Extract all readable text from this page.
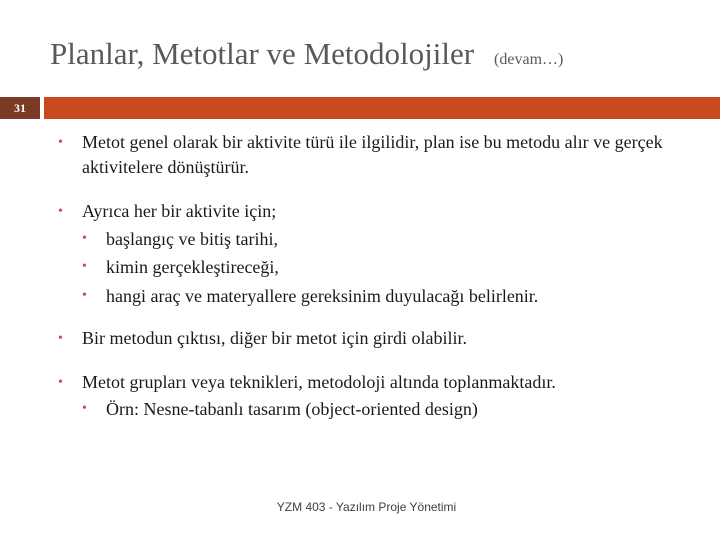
Planlar, Metotlar ve Metodolojiler (devam…)
31
• Metot genel olarak bir aktivite türü ile ilgilidir, plan ise bu metodu alır ve gerçek aktivitelere dönüştürür.
• Ayrıca her bir aktivite için;
• başlangıç ve bitiş tarihi,
• kimin gerçekleştireceği,
• hangi araç ve materyallere gereksinim duyulacağı belirlenir.
• Bir metodun çıktısı, diğer bir metot için girdi olabilir.
• Metot grupları veya teknikleri, metodoloji altında toplanmaktadır.
• Örn: Nesne-tabanlı tasarım (object-oriented design)
YZM 403 - Yazılım Proje Yönetimi
